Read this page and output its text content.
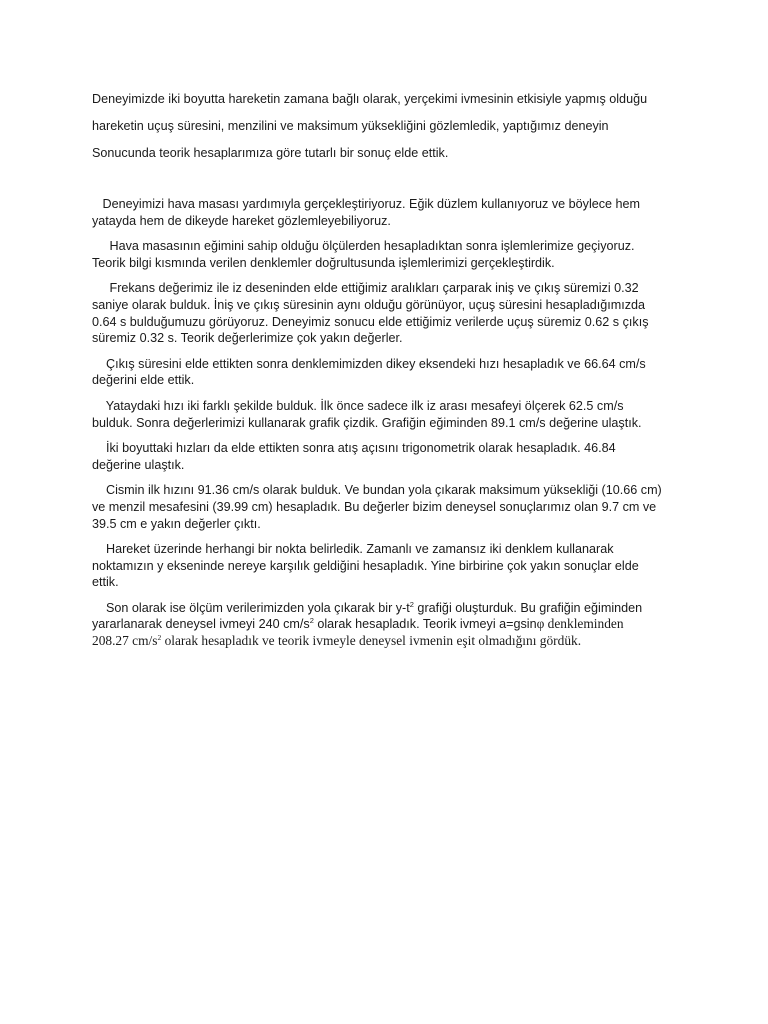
Deneyimizde iki boyutta hareketin zamana bağlı olarak, yerçekimi ivmesinin etkisiyle yapmış olduğu

hareketin uçuş süresini, menzilini ve maksimum yüksekliğini gözlemledik, yaptığımız deneyin

Sonucunda teorik hesaplarımıza göre tutarlı bir sonuç elde ettik.

Deneyimizi hava masası yardımıyla gerçekleştiriyoruz. Eğik düzlem kullanıyoruz ve böylece hem
yatayda hem de dikeyde hareket gözlemleyebiliyoruz.

Hava masasının eğimini sahip olduğu ölçülerden hesapladıktan sonra işlemlerimize geçiyoruz.
Teorik bilgi kısmında verilen denklemler doğrultusunda işlemlerimizi gerçekleştirdik.

Frekans değerimiz ile iz deseninden elde ettiğimiz aralıkları çarparak iniş ve çıkış süremizi 0.32
saniye olarak bulduk. İniş ve çıkış süresinin aynı olduğu görünüyor, uçuş süresini hesapladığımızda
0.64 s bulduğumuzu görüyoruz. Deneyimiz sonucu elde ettiğimiz verilerde uçuş süremiz 0.62 s çıkış
süremiz 0.32 s. Teorik değerlerimize çok yakın değerler.

Çıkış süresini elde ettikten sonra denklemimizden dikey eksendeki hızı hesapladık ve 66.64 cm/s
değerini elde ettik.

Yataydaki hızı iki farklı şekilde bulduk. İlk önce sadece ilk iz arası mesafeyi ölçerek 62.5 cm/s
bulduk. Sonra değerlerimizi kullanarak grafik çizdik. Grafiğin eğiminden 89.1 cm/s değerine ulaştık.

İki boyuttaki hızları da elde ettikten sonra atış açısını trigonometrik olarak hesapladık. 46.84
değerine ulaştık.

Cismin ilk hızını 91.36 cm/s olarak bulduk. Ve bundan yola çıkarak maksimum yüksekliği (10.66 cm)
ve menzil mesafesini (39.99 cm) hesapladık. Bu değerler bizim deneysel sonuçlarımız olan 9.7 cm ve
39.5 cm e yakın değerler çıktı.

Hareket üzerinde herhangi bir nokta belirledik. Zamanlı ve zamansız iki denklem kullanarak
noktamızın y ekseninde nereye karşılık geldiğini hesapladık. Yine birbirine çok yakın sonuçlar elde
ettik.

Son olarak ise ölçüm verilerimizden yola çıkarak bir $y-t^2$ grafiği oluşturduk. Bu grafiğin eğiminden
yararlanarak deneysel ivmeyi 240 $cm/s^2$ olarak hesapladık. Teorik ivmeyi a=gsinφ denkleminden
208.27 $cm/s^2$ olarak hesapladık ve teorik ivmeyle deneysel ivmenin eşit olmadığını gördük.
